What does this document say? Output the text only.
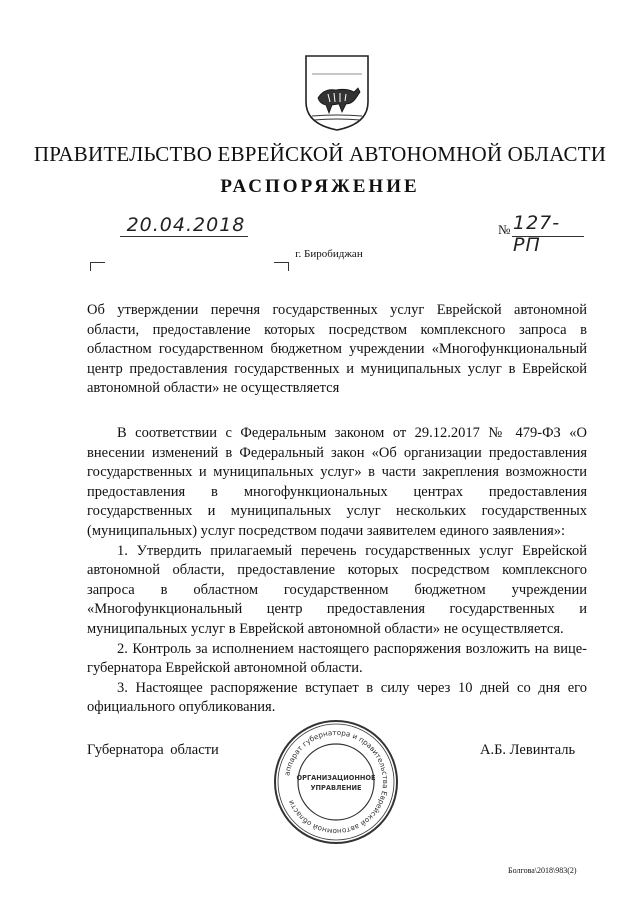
ПРАВИТЕЛЬСТВО ЕВРЕЙСКОЙ АВТОНОМНОЙ ОБЛАСТИ
РАСПОРЯЖЕНИЕ
20.04.2018	№ 127-РП
г. Биробиджан
Об утверждении перечня государственных услуг Еврейской автономной области, предоставление которых посредством комплексного запроса в областном государственном бюджетном учреждении «Многофункциональный центр предоставления государственных и муниципальных услуг в Еврейской автономной области» не осуществляется

В соответствии с Федеральным законом от 29.12.2017 № 479-ФЗ «О внесении изменений в Федеральный закон «Об организации предоставления государственных и муниципальных услуг» в части закрепления возможности предоставления в многофункциональных центрах предоставления государственных и муниципальных услуг нескольких государственных (муниципальных) услуг посредством подачи заявителем единого заявления»:

1. Утвердить прилагаемый перечень государственных услуг Еврейской автономной области, предоставление которых посредством комплексного запроса в областном государственном бюджетном учреждении «Многофункциональный центр предоставления государственных и муниципальных услуг в Еврейской автономной области» не осуществляется.

2. Контроль за исполнением настоящего распоряжения возложить на вице-губернатора Еврейской автономной области.

3. Настоящее распоряжение вступает в силу через 10 дней со дня его официального опубликования.

Губернатора области	А.Б. Левинталь
аппарат губернатора и правительства Еврейской автономной области
ОРГАНИЗАЦИОННОЕ
УПРАВЛЕНИЕ
Болгова\2018\983(2)
